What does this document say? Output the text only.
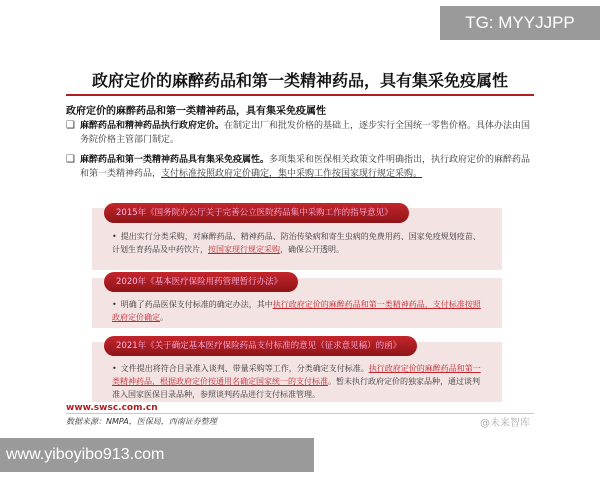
TG: MYYJJPP
政府定价的麻醉药品和第一类精神药品，具有集采免疫属性
政府定价的麻醉药品和第一类精神药品，具有集采免疫属性
❑ 麻醉药品和精神药品执行政府定价。在制定出厂和批发价格的基础上，逐步实行全国统一零售价格。具体办法由国务院价格主管部门制定。
❑ 麻醉药品和第一类精神药品具有集采免疫属性。多项集采和医保相关政策文件明确指出，执行政府定价的麻醉药品和第一类精神药品，支付标准按照政府定价确定，集中采购工作按国家现行规定采购。
2015年《国务院办公厅关于完善公立医院药品集中采购工作的指导意见》
• 提出实行分类采购，对麻醉药品、精神药品、防治传染病和寄生虫病的免费用药、国家免疫规划疫苗、计划生育药品及中药饮片，按国家现行规定采购，确保公开透明。
2020年《基本医疗保险用药管理暂行办法》
• 明确了药品医保支付标准的确定办法，其中执行政府定价的麻醉药品和第一类精神药品，支付标准按照政府定价确定。
2021年《关于确定基本医疗保险药品支付标准的意见（征求意见稿）的函》
• 文件提出将符合目录准入谈判、带量采购等工作，分类确定支付标准。执行政府定价的麻醉药品和第一类精神药品，根据政府定价按通用名确定国家统一的支付标准。暂未执行政府定价的独家品种，通过谈判准入国家医保目录品种，参照谈判药品进行支付标准管理。
www.swsc.com.cn
数据来源：NMPA，医保局，西南证券整理	@未来智库
www.yiboyibo913.com
